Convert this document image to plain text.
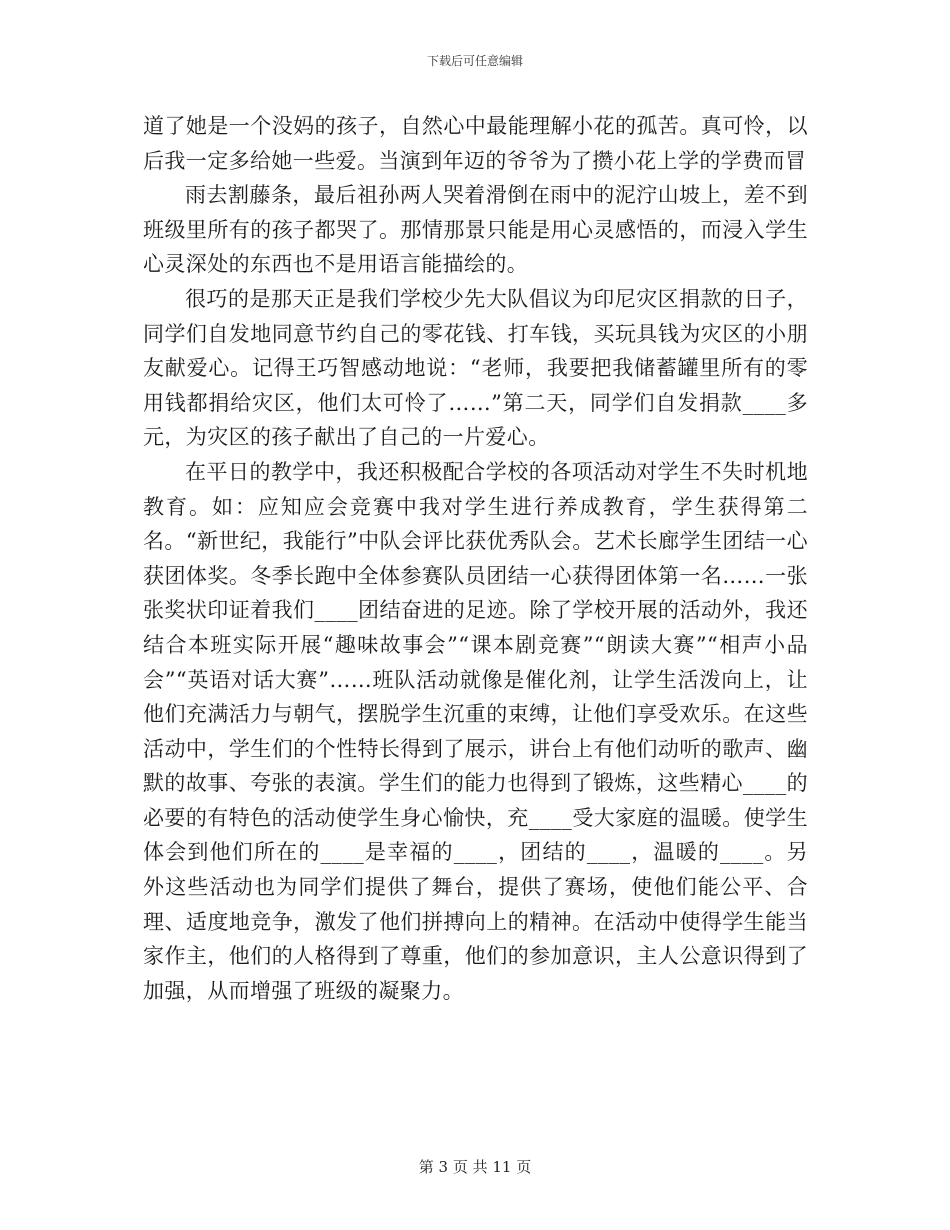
下载后可任意编辑

道了她是一个没妈的孩子，自然心中最能理解小花的孤苦。真可怜，以后我一定多给她一些爱。当演到年迈的爷爷为了攒小花上学的学费而冒

雨去割藤条，最后祖孙两人哭着滑倒在雨中的泥泞山坡上，差不到班级里所有的孩子都哭了。那情那景只能是用心灵感悟的，而浸入学生心灵深处的东西也不是用语言能描绘的。

很巧的是那天正是我们学校少先大队倡议为印尼灾区捐款的日子，同学们自发地同意节约自己的零花钱、打车钱，买玩具钱为灾区的小朋友献爱心。记得王巧智感动地说：“老师，我要把我储蓄罐里所有的零用钱都捐给灾区，他们太可怜了……”第二天，同学们自发捐款____多元，为灾区的孩子献出了自己的一片爱心。

在平日的教学中，我还积极配合学校的各项活动对学生不失时机地教育。如：应知应会竞赛中我对学生进行养成教育，学生获得第二名。“新世纪，我能行”中队会评比获优秀队会。艺术长廊学生团结一心获团体奖。冬季长跑中全体参赛队员团结一心获得团体第一名……一张张奖状印证着我们____团结奋进的足迹。除了学校开展的活动外，我还结合本班实际开展“趣味故事会”“课本剧竞赛”“朗读大赛”“相声小品会”“英语对话大赛”……班队活动就像是催化剂，让学生活泼向上，让他们充满活力与朝气，摆脱学生沉重的束缚，让他们享受欢乐。在这些活动中，学生们的个性特长得到了展示，讲台上有他们动听的歌声、幽默的故事、夸张的表演。学生们的能力也得到了锻炼，这些精心____的必要的有特色的活动使学生身心愉快，充____受大家庭的温暖。使学生体会到他们所在的____是幸福的____，团结的____，温暖的____。另外这些活动也为同学们提供了舞台，提供了赛场，使他们能公平、合理、适度地竞争，激发了他们拼搏向上的精神。在活动中使得学生能当家作主，他们的人格得到了尊重，他们的参加意识，主人公意识得到了加强，从而增强了班级的凝聚力。

第 3 页 共 11 页
